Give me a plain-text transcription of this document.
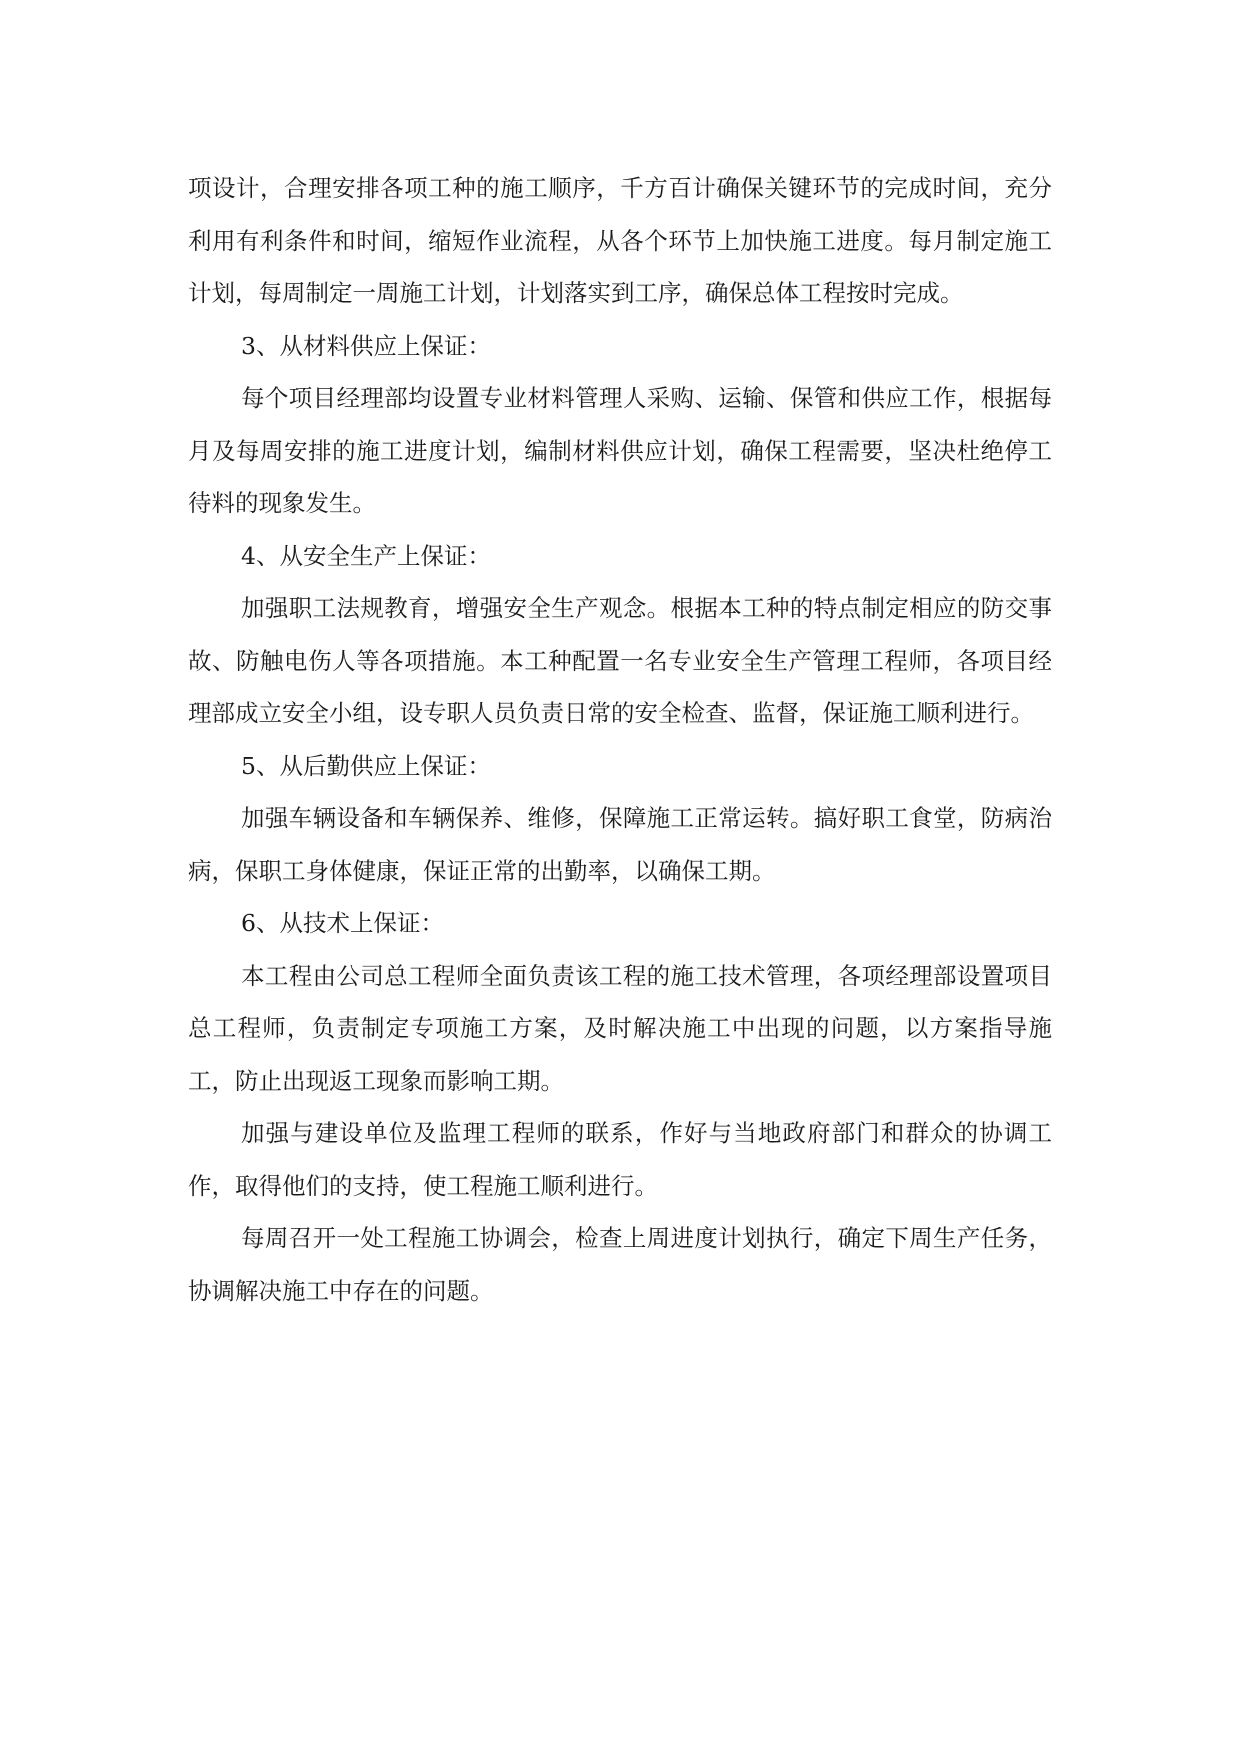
项设计，合理安排各项工种的施工顺序，千方百计确保关键环节的完成时间，充分利用有利条件和时间，缩短作业流程，从各个环节上加快施工进度。每月制定施工计划，每周制定一周施工计划，计划落实到工序，确保总体工程按时完成。

3、从材料供应上保证：

每个项目经理部均设置专业材料管理人采购、运输、保管和供应工作，根据每月及每周安排的施工进度计划，编制材料供应计划，确保工程需要，坚决杜绝停工待料的现象发生。

4、从安全生产上保证：

加强职工法规教育，增强安全生产观念。根据本工种的特点制定相应的防交事故、防触电伤人等各项措施。本工种配置一名专业安全生产管理工程师，各项目经理部成立安全小组，设专职人员负责日常的安全检查、监督，保证施工顺利进行。

5、从后勤供应上保证：

加强车辆设备和车辆保养、维修，保障施工正常运转。搞好职工食堂，防病治病，保职工身体健康，保证正常的出勤率，以确保工期。

6、从技术上保证：

本工程由公司总工程师全面负责该工程的施工技术管理，各项经理部设置项目总工程师，负责制定专项施工方案，及时解决施工中出现的问题，以方案指导施工，防止出现返工现象而影响工期。

加强与建设单位及监理工程师的联系，作好与当地政府部门和群众的协调工作，取得他们的支持，使工程施工顺利进行。

每周召开一处工程施工协调会，检查上周进度计划执行，确定下周生产任务，协调解决施工中存在的问题。
